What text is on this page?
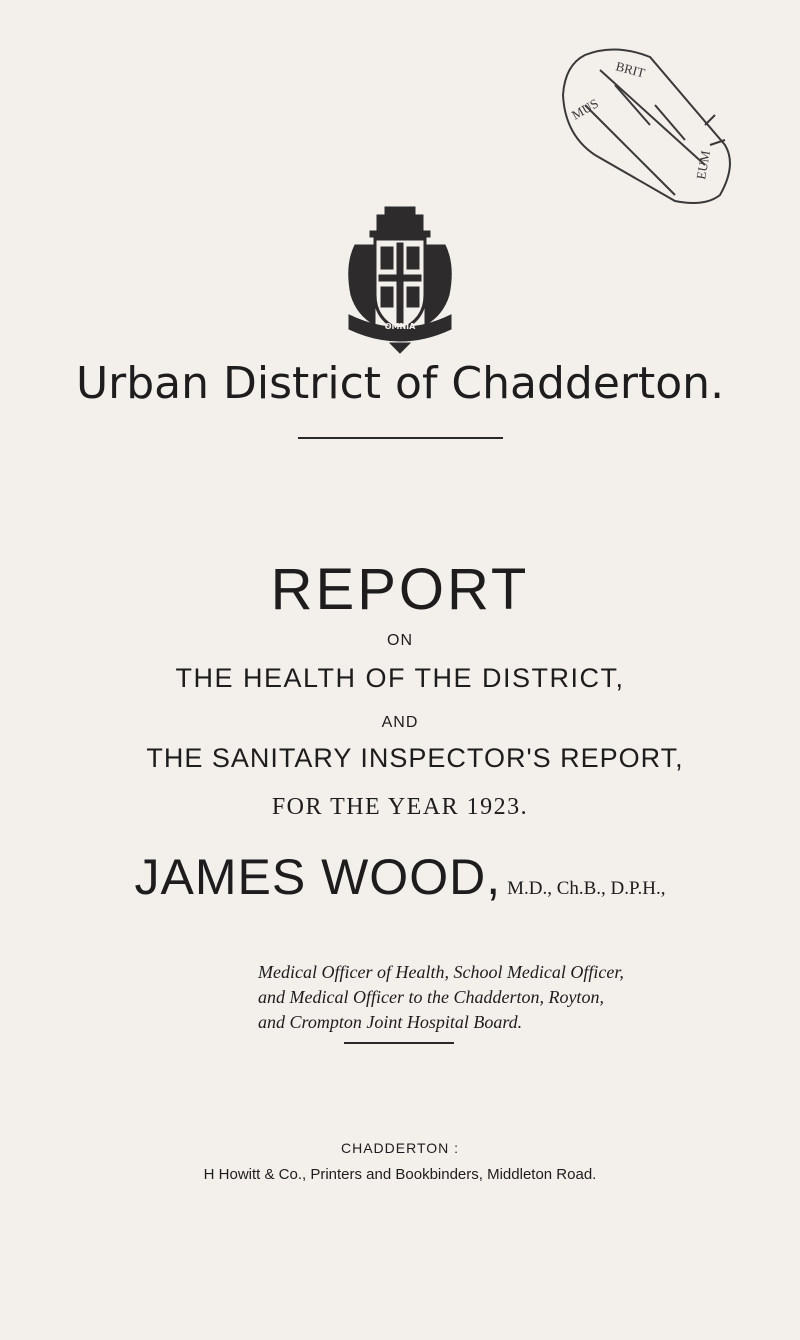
BRIT
MUS
EUM
OMNIA
Urban District of Chadderton.
REPORT
ON
THE HEALTH OF THE DISTRICT,
AND
THE SANITARY INSPECTOR'S REPORT,
FOR THE YEAR 1923.
JAMES WOOD, M.D., Ch.B., D.P.H.,
Medical Officer of Health, School Medical Officer,
and Medical Officer to the Chadderton, Royton,
and Crompton Joint Hospital Board.
CHADDERTON :
H Howitt & Co., Printers and Bookbinders, Middleton Road.
